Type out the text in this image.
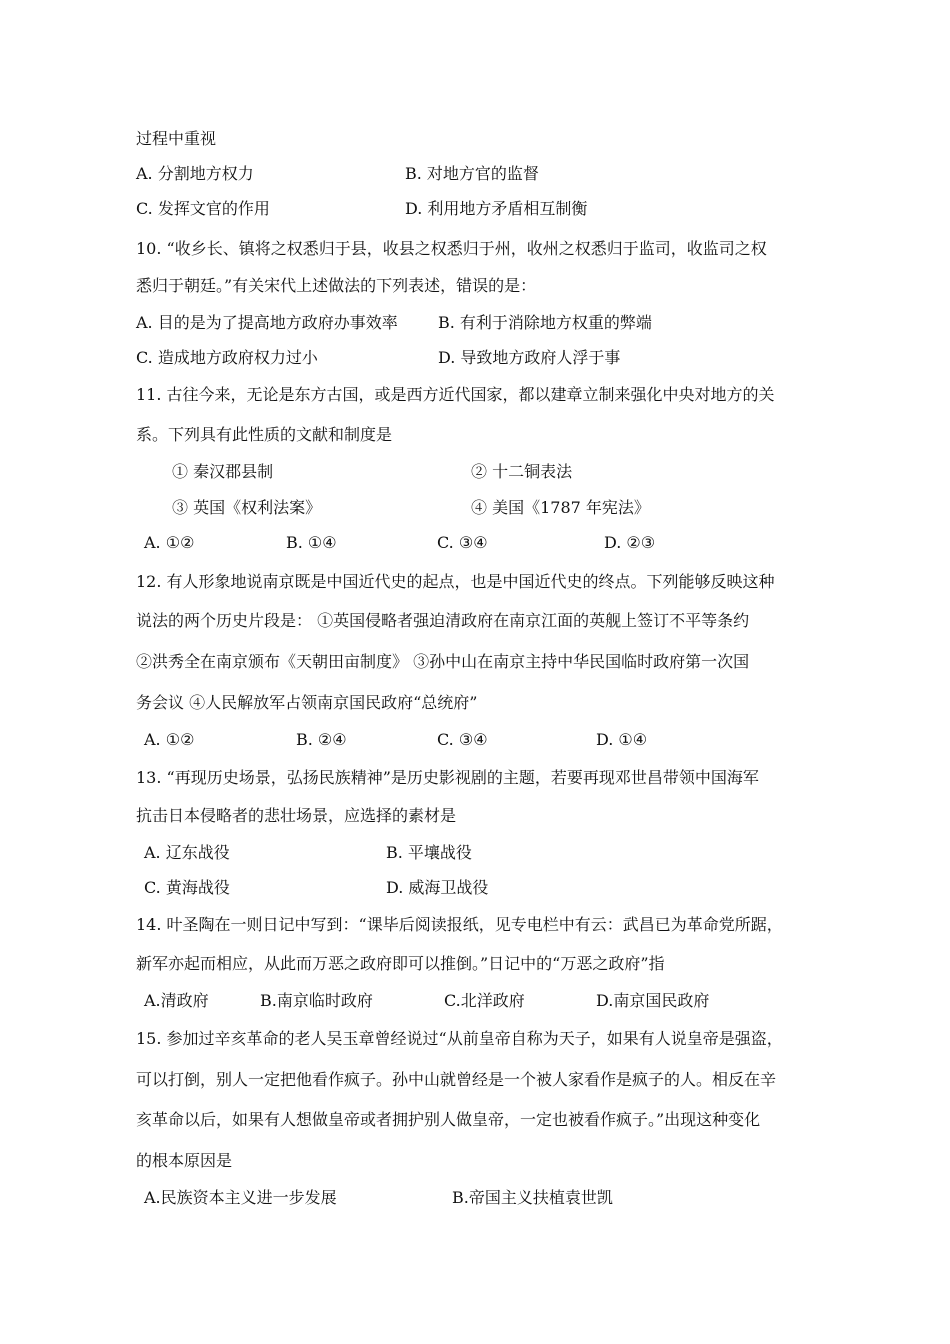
过程中重视
A. 分割地方权力	B. 对地方官的监督
C. 发挥文官的作用	D. 利用地方矛盾相互制衡
10. “收乡长、镇将之权悉归于县，收县之权悉归于州，收州之权悉归于监司，收监司之权
悉归于朝廷。”有关宋代上述做法的下列表述，错误的是：
A. 目的是为了提高地方政府办事效率	B. 有利于消除地方权重的弊端
C. 造成地方政府权力过小	D. 导致地方政府人浮于事
11. 古往今来，无论是东方古国，或是西方近代国家，都以建章立制来强化中央对地方的关
系。下列具有此性质的文献和制度是
① 秦汉郡县制	② 十二铜表法
③ 英国《权利法案》	④ 美国《1787 年宪法》
A. ①②	B. ①④	C. ③④	D. ②③
12. 有人形象地说南京既是中国近代史的起点，也是中国近代史的终点。下列能够反映这种
说法的两个历史片段是： ①英国侵略者强迫清政府在南京江面的英舰上签订不平等条约
②洪秀全在南京颁布《天朝田亩制度》 ③孙中山在南京主持中华民国临时政府第一次国
务会议 ④人民解放军占领南京国民政府“总统府”
A. ①②	B. ②④	C. ③④	D. ①④
13. “再现历史场景，弘扬民族精神”是历史影视剧的主题，若要再现邓世昌带领中国海军
抗击日本侵略者的悲壮场景，应选择的素材是
A. 辽东战役	B. 平壤战役
C. 黄海战役	D. 威海卫战役
14. 叶圣陶在一则日记中写到：“课毕后阅读报纸，见专电栏中有云：武昌已为革命党所踞，
新军亦起而相应，从此而万恶之政府即可以推倒。”日记中的“万恶之政府”指
A.清政府	B.南京临时政府	C.北洋政府	D.南京国民政府
15. 参加过辛亥革命的老人吴玉章曾经说过“从前皇帝自称为天子，如果有人说皇帝是强盗，
可以打倒，别人一定把他看作疯子。孙中山就曾经是一个被人家看作是疯子的人。相反在辛
亥革命以后，如果有人想做皇帝或者拥护别人做皇帝，一定也被看作疯子。”出现这种变化
的根本原因是
A.民族资本主义进一步发展	B.帝国主义扶植袁世凯
